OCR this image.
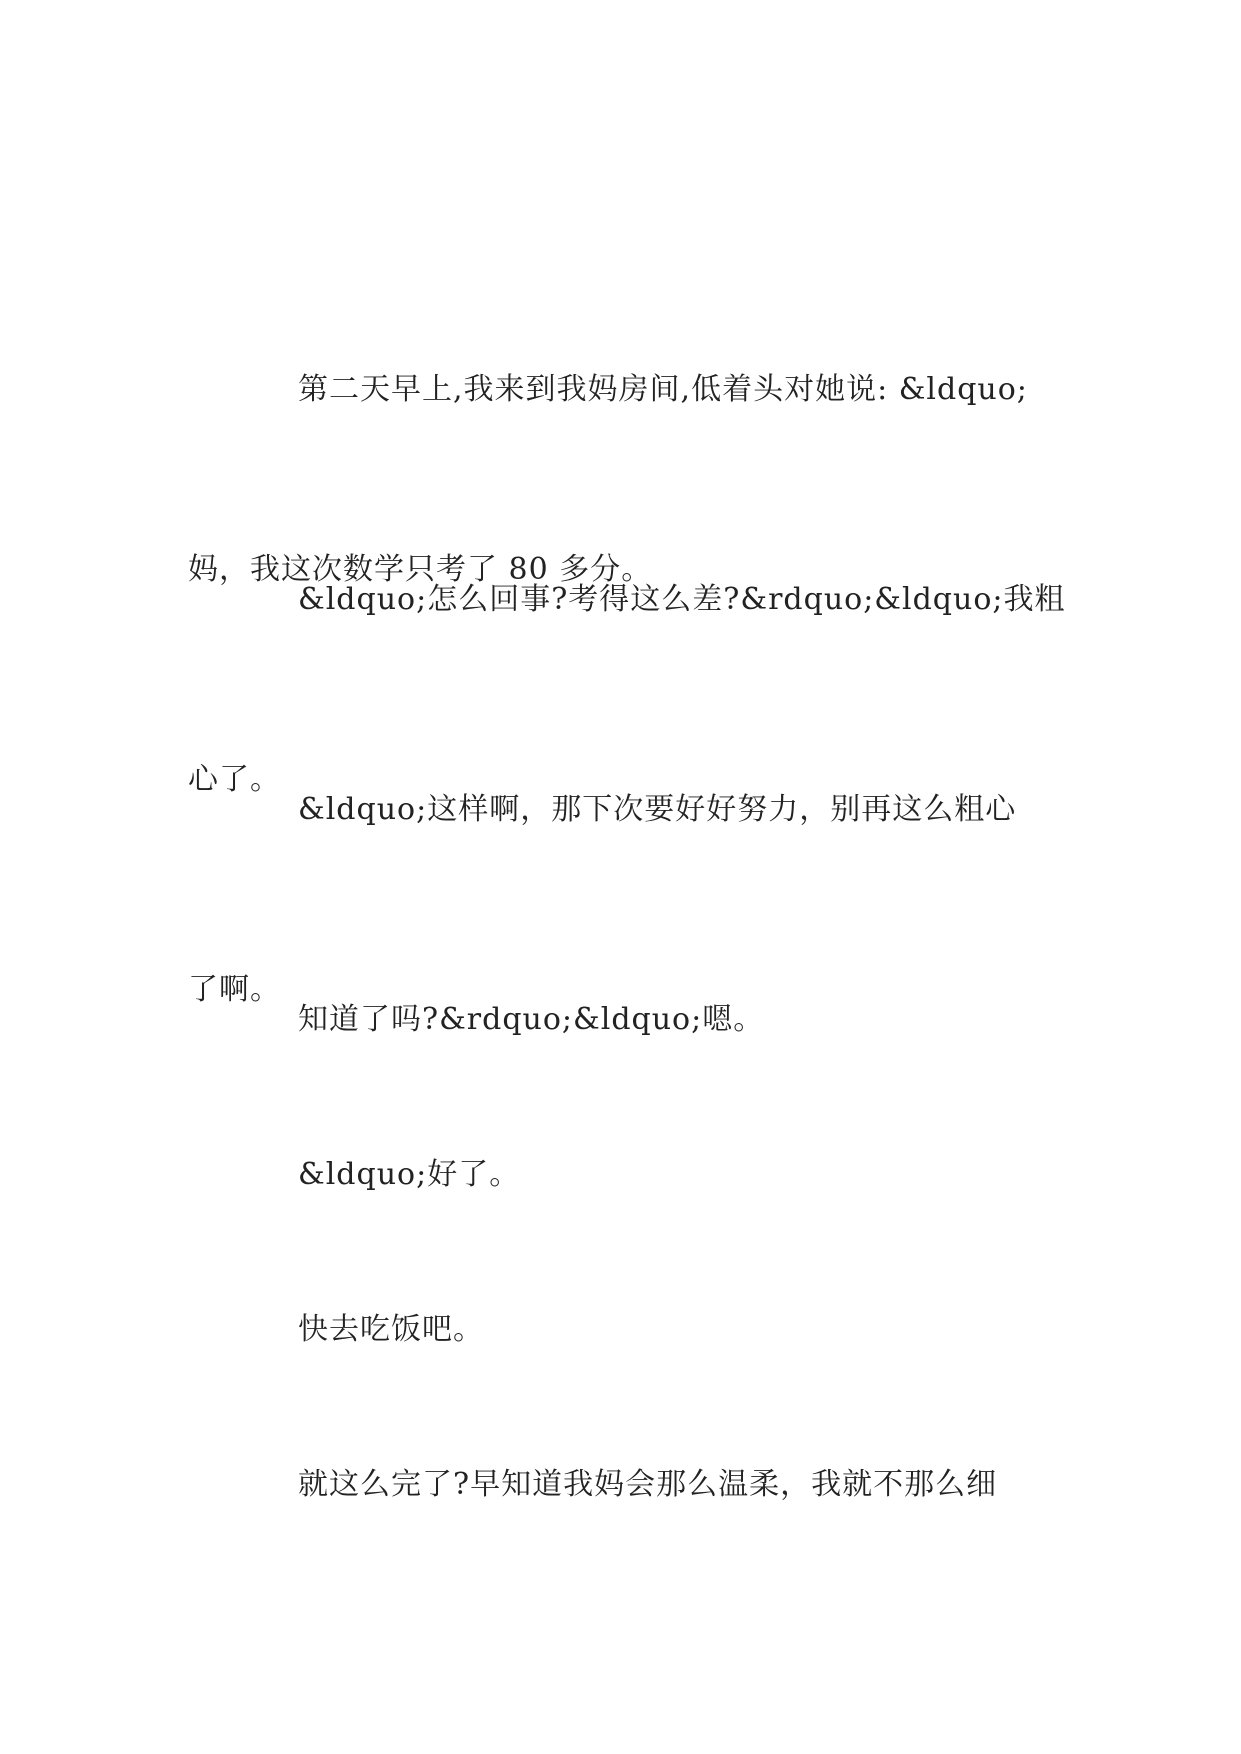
第二天早上,我来到我妈房间,低着头对她说: &ldquo;

妈，我这次数学只考了 80 多分。

&ldquo;怎么回事?考得这么差?&rdquo;&ldquo;我粗

心了。

&ldquo;这样啊，那下次要好好努力，别再这么粗心

了啊。

知道了吗?&rdquo;&ldquo;嗯。

&ldquo;好了。

快去吃饭吧。

就这么完了?早知道我妈会那么温柔，我就不那么细
